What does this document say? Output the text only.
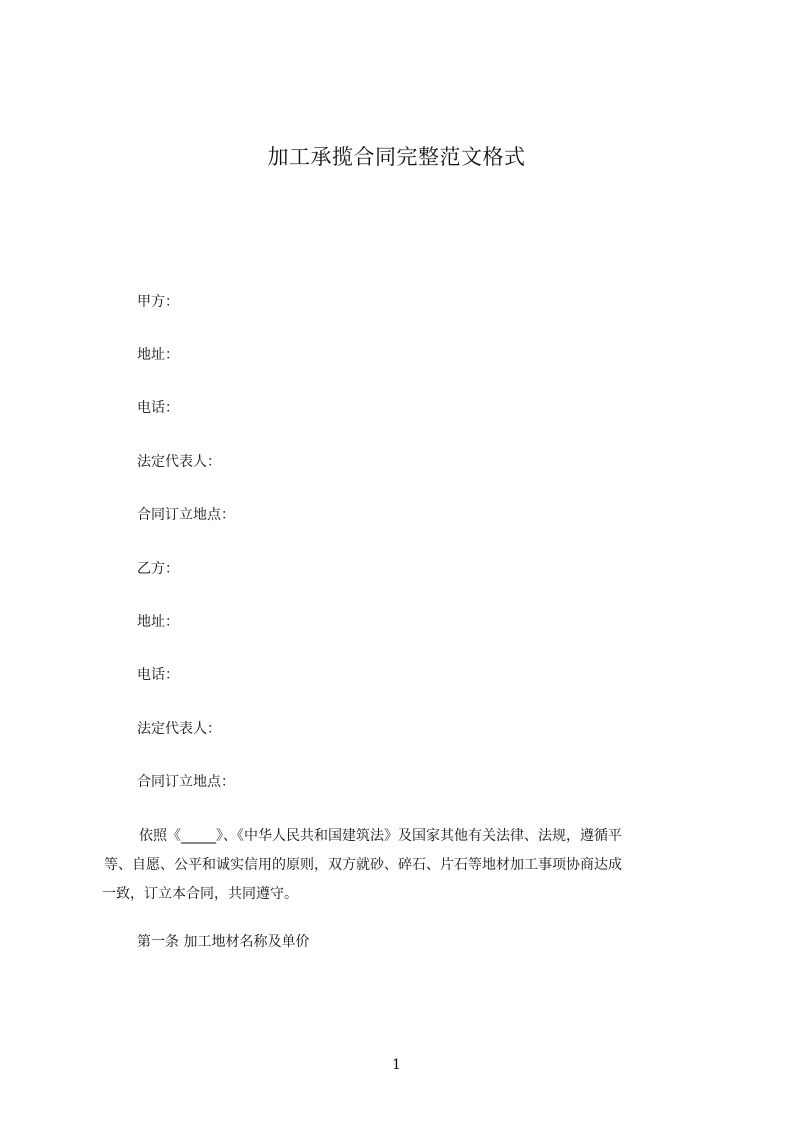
加工承揽合同完整范文格式
甲方：
地址：
电话：
法定代表人：
合同订立地点：
乙方：
地址：
电话：
法定代表人：
合同订立地点：
依照《_____》、《中华人民共和国建筑法》及国家其他有关法律、法规，遵循平
等、自愿、公平和诚实信用的原则，双方就砂、碎石、片石等地材加工事项协商达成
一致，订立本合同，共同遵守。
第一条 加工地材名称及单价
1
